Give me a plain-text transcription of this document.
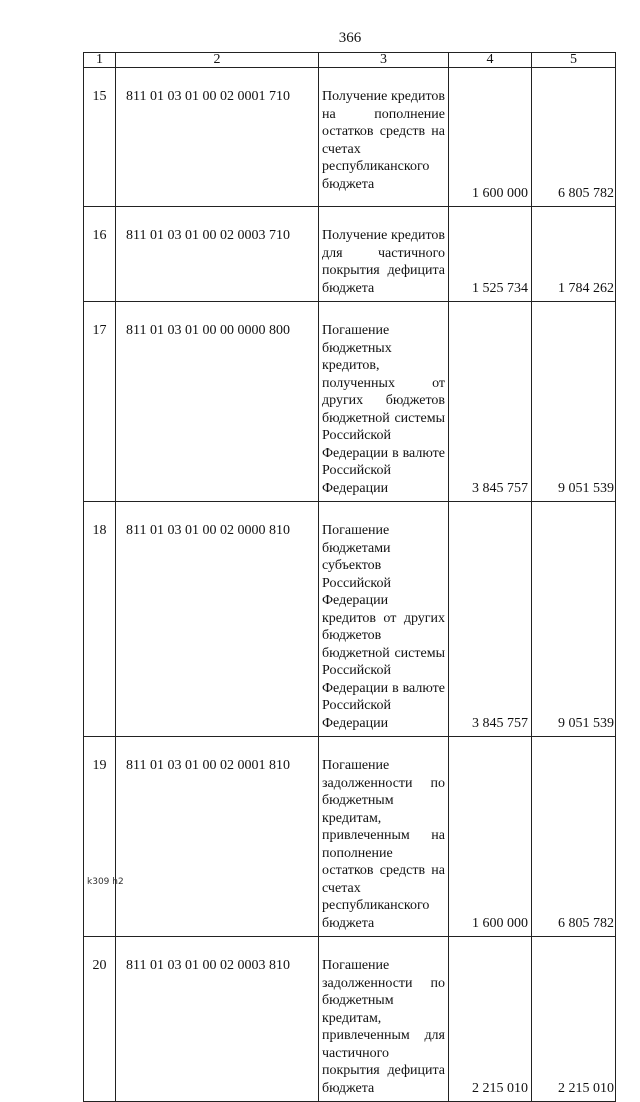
366
1	2	3	4	5
15	811 01 03 01 00 02 0001 710	Получение кредитов на пополнение остатков средств на счетах республиканского бюджета	1 600 000	6 805 782
16	811 01 03 01 00 02 0003 710	Получение кредитов для частичного покрытия дефицита бюджета	1 525 734	1 784 262
17	811 01 03 01 00 00 0000 800	Погашение бюджетных кредитов, полученных от других бюджетов бюджетной системы Российской Федерации в валюте Российской Федерации	3 845 757	9 051 539
18	811 01 03 01 00 02 0000 810	Погашение бюджетами субъектов Российской Федерации кредитов от других бюджетов бюджетной системы Российской Федерации в валюте Российской Федерации	3 845 757	9 051 539
19	811 01 03 01 00 02 0001 810	Погашение задолженности по бюджетным кредитам, привлеченным на пополнение остатков средств на счетах республиканского бюджета	1 600 000	6 805 782
20	811 01 03 01 00 02 0003 810	Погашение задолженности по бюджетным кредитам, привлеченным для частичного покрытия дефицита бюджета	2 215 010	2 215 010
k309 h2
